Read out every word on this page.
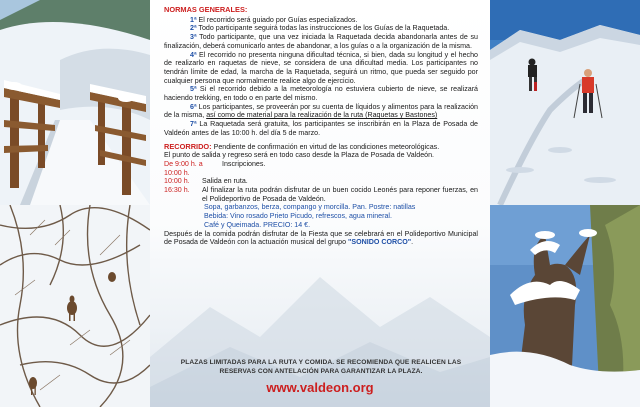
NORMAS GENERALES:
1ª El recorrido será guiado por Guías especializados.
2ª Todo participante seguirá todas las instrucciones de los Guías de la Raquetada.
3ª Todo participante, que una vez iniciada la Raquetada decida abandonarla antes de su finalización, deberá comunicarlo antes de abandonar, a los guías o a la organización de la misma.
4ª El recorrido no presenta ninguna dificultad técnica, si bien, dada su longitud y el hecho de realizarlo en raquetas de nieve, se considera de una dificultad media. Los participantes no tendrán límite de edad, la marcha de la Raquetada, seguirá un ritmo, que pueda ser seguido por cualquier persona que normalmente realice algo de ejercicio.
5ª Si el recorrido debido a la meteorología no estuviera cubierto de nieve, se realizará haciendo trekking, en todo o en parte del mismo.
6ª Los participantes, se proveerán por su cuenta de líquidos y alimentos para la realización de la misma, así como de material para la realización de la ruta (Raquetas y Bastones)
7ª La Raquetada será gratuita, los participantes se inscribirán en la Plaza de Posada de Valdeón antes de las 10:00 h. del día 5 de marzo.
RECORRIDO: Pendiente de confirmación en virtud de las condiciones meteorológicas.
El punto de salida y regreso será en todo caso desde la Plaza de Posada de Valdeón.
De 9:00 h. a 10:00 h.
Inscripciones.
10:00 h.	Salida en ruta.
16:30 h.	Al finalizar la ruta podrán disfrutar de un buen cocido Leonés para reponer fuerzas, en el Polideportivo de Posada de Valdeón.
Sopa, garbanzos, berza, compango y morcilla. Pan. Postre: natillas
Bebida: Vino rosado Prieto Picudo, refrescos, agua mineral.
Café y Queimada. PRECIO: 14 €.
Después de la comida podrán disfrutar de la Fiesta que se celebrará en el Polideportivo Municipal de Posada de Valdeón con la actuación musical del grupo "SONIDO CORCO".
PLAZAS LIMITADAS PARA LA RUTA Y COMIDA. SE RECOMIENDA QUE REALICEN LAS
RESERVAS CON ANTELACIÓN PARA GARANTIZAR LA PLAZA.
www.valdeon.org
